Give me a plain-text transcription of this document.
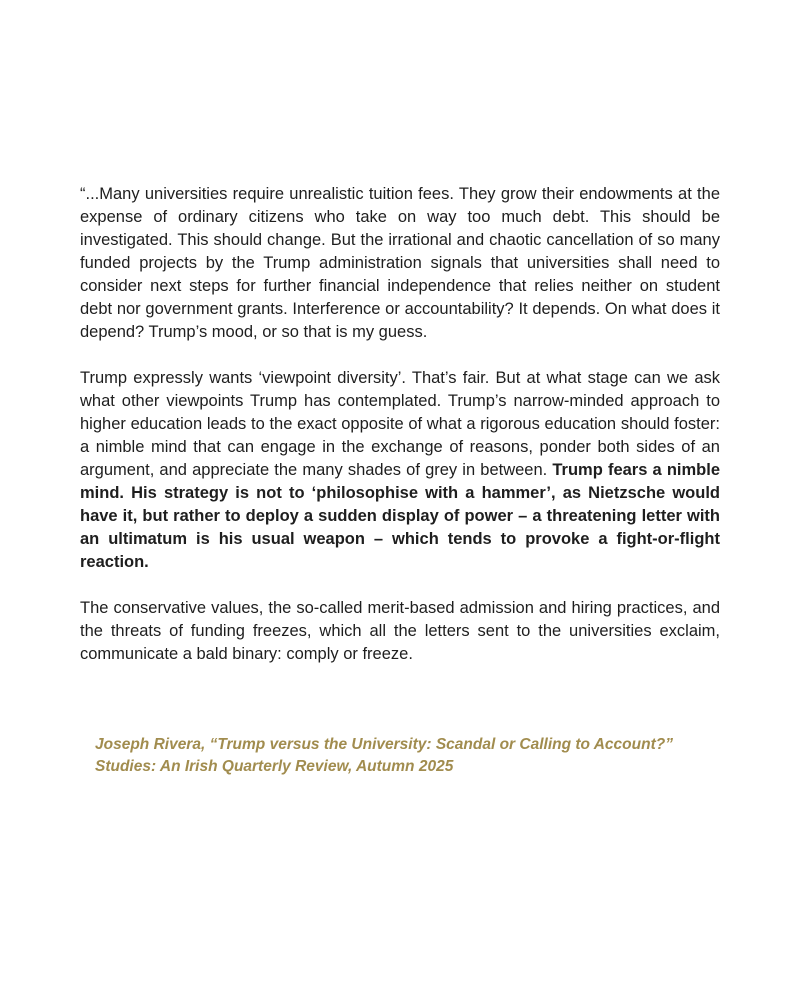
“...Many universities require unrealistic tuition fees. They grow their endowments at the expense of ordinary citizens who take on way too much debt. This should be investigated. This should change. But the irrational and chaotic cancellation of so many funded projects by the Trump administration signals that universities shall need to consider next steps for further financial independence that relies neither on student debt nor government grants. Interference or accountability? It depends. On what does it depend? Trump’s mood, or so that is my guess.

Trump expressly wants ‘viewpoint diversity’. That’s fair. But at what stage can we ask what other viewpoints Trump has contemplated. Trump’s narrow-minded approach to higher education leads to the exact opposite of what a rigorous education should foster: a nimble mind that can engage in the exchange of reasons, ponder both sides of an argument, and appreciate the many shades of grey in between. Trump fears a nimble mind. His strategy is not to ‘philosophise with a hammer’, as Nietzsche would have it, but rather to deploy a sudden display of power – a threatening letter with an ultimatum is his usual weapon – which tends to provoke a fight-or-flight reaction.

The conservative values, the so-called merit-based admission and hiring practices, and the threats of funding freezes, which all the letters sent to the universities exclaim, communicate a bald binary: comply or freeze.

Joseph Rivera, “Trump versus the University: Scandal or Calling to Account?”
Studies: An Irish Quarterly Review, Autumn 2025
